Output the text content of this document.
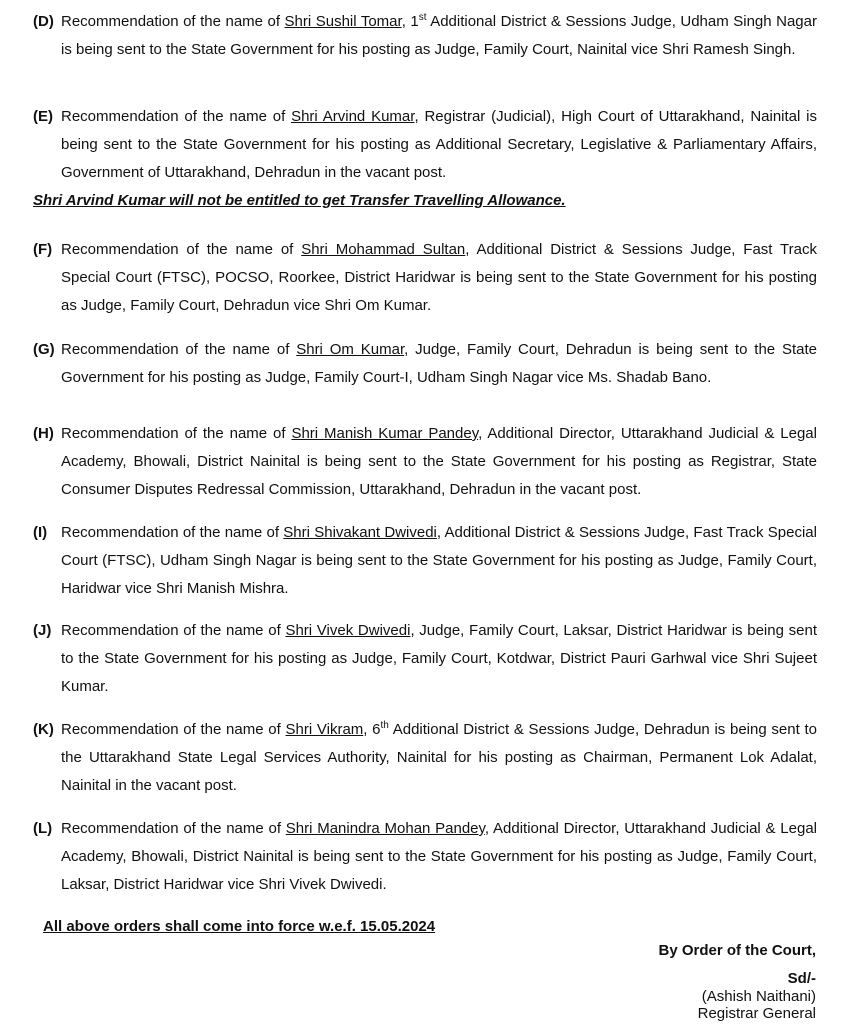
(D) Recommendation of the name of Shri Sushil Tomar, 1st Additional District & Sessions Judge, Udham Singh Nagar is being sent to the State Government for his posting as Judge, Family Court, Nainital vice Shri Ramesh Singh.

(E) Recommendation of the name of Shri Arvind Kumar, Registrar (Judicial), High Court of Uttarakhand, Nainital is being sent to the State Government for his posting as Additional Secretary, Legislative & Parliamentary Affairs, Government of Uttarakhand, Dehradun in the vacant post.

Shri Arvind Kumar will not be entitled to get Transfer Travelling Allowance.

(F) Recommendation of the name of Shri Mohammad Sultan, Additional District & Sessions Judge, Fast Track Special Court (FTSC), POCSO, Roorkee, District Haridwar is being sent to the State Government for his posting as Judge, Family Court, Dehradun vice Shri Om Kumar.

(G) Recommendation of the name of Shri Om Kumar, Judge, Family Court, Dehradun is being sent to the State Government for his posting as Judge, Family Court-I, Udham Singh Nagar vice Ms. Shadab Bano.

(H) Recommendation of the name of Shri Manish Kumar Pandey, Additional Director, Uttarakhand Judicial & Legal Academy, Bhowali, District Nainital is being sent to the State Government for his posting as Registrar, State Consumer Disputes Redressal Commission, Uttarakhand, Dehradun in the vacant post.

(I) Recommendation of the name of Shri Shivakant Dwivedi, Additional District & Sessions Judge, Fast Track Special Court (FTSC), Udham Singh Nagar is being sent to the State Government for his posting as Judge, Family Court, Haridwar vice Shri Manish Mishra.

(J) Recommendation of the name of Shri Vivek Dwivedi, Judge, Family Court, Laksar, District Haridwar is being sent to the State Government for his posting as Judge, Family Court, Kotdwar, District Pauri Garhwal vice Shri Sujeet Kumar.

(K) Recommendation of the name of Shri Vikram, 6th Additional District & Sessions Judge, Dehradun is being sent to the Uttarakhand State Legal Services Authority, Nainital for his posting as Chairman, Permanent Lok Adalat, Nainital in the vacant post.

(L) Recommendation of the name of Shri Manindra Mohan Pandey, Additional Director, Uttarakhand Judicial & Legal Academy, Bhowali, District Nainital is being sent to the State Government for his posting as Judge, Family Court, Laksar, District Haridwar vice Shri Vivek Dwivedi.

All above orders shall come into force w.e.f. 15.05.2024
By Order of the Court,
Sd/-
(Ashish Naithani)
Registrar General
